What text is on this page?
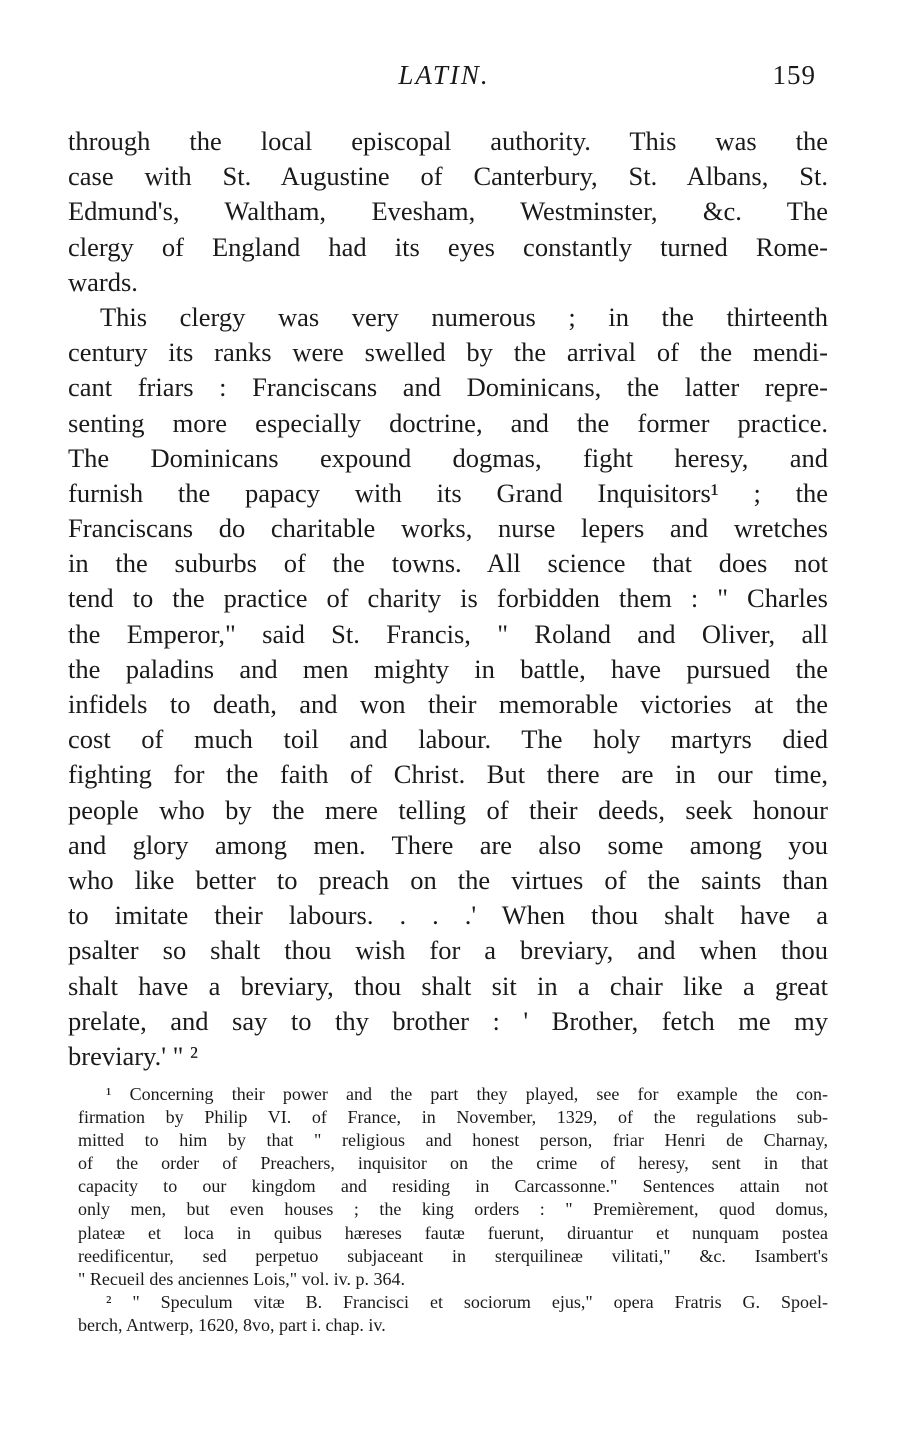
LATIN.	159
through the local episcopal authority. This was the
case with St. Augustine of Canterbury, St. Albans, St.
Edmund's, Waltham, Evesham, Westminster, &c. The
clergy of England had its eyes constantly turned Rome-
wards.
This clergy was very numerous ; in the thirteenth
century its ranks were swelled by the arrival of the mendi-
cant friars : Franciscans and Dominicans, the latter repre-
senting more especially doctrine, and the former practice.
The Dominicans expound dogmas, fight heresy, and
furnish the papacy with its Grand Inquisitors¹ ; the
Franciscans do charitable works, nurse lepers and wretches
in the suburbs of the towns. All science that does not
tend to the practice of charity is forbidden them : " Charles
the Emperor," said St. Francis, " Roland and Oliver, all
the paladins and men mighty in battle, have pursued the
infidels to death, and won their memorable victories at the
cost of much toil and labour. The holy martyrs died
fighting for the faith of Christ. But there are in our time,
people who by the mere telling of their deeds, seek honour
and glory among men. There are also some among you
who like better to preach on the virtues of the saints than
to imitate their labours. . . .' When thou shalt have a
psalter so shalt thou wish for a breviary, and when thou
shalt have a breviary, thou shalt sit in a chair like a great
prelate, and say to thy brother : ' Brother, fetch me my
breviary.' " ²
¹ Concerning their power and the part they played, see for example the con-
firmation by Philip VI. of France, in November, 1329, of the regulations sub-
mitted to him by that " religious and honest person, friar Henri de Charnay,
of the order of Preachers, inquisitor on the crime of heresy, sent in that
capacity to our kingdom and residing in Carcassonne." Sentences attain not
only men, but even houses ; the king orders : " Premièrement, quod domus,
plateæ et loca in quibus hæreses fautæ fuerunt, diruantur et nunquam postea
reedificentur, sed perpetuo subjaceant in sterquilineæ vilitati," &c. Isambert's
" Recueil des anciennes Lois," vol. iv. p. 364.
² " Speculum vitæ B. Francisci et sociorum ejus," opera Fratris G. Spoel-
berch, Antwerp, 1620, 8vo, part i. chap. iv.
